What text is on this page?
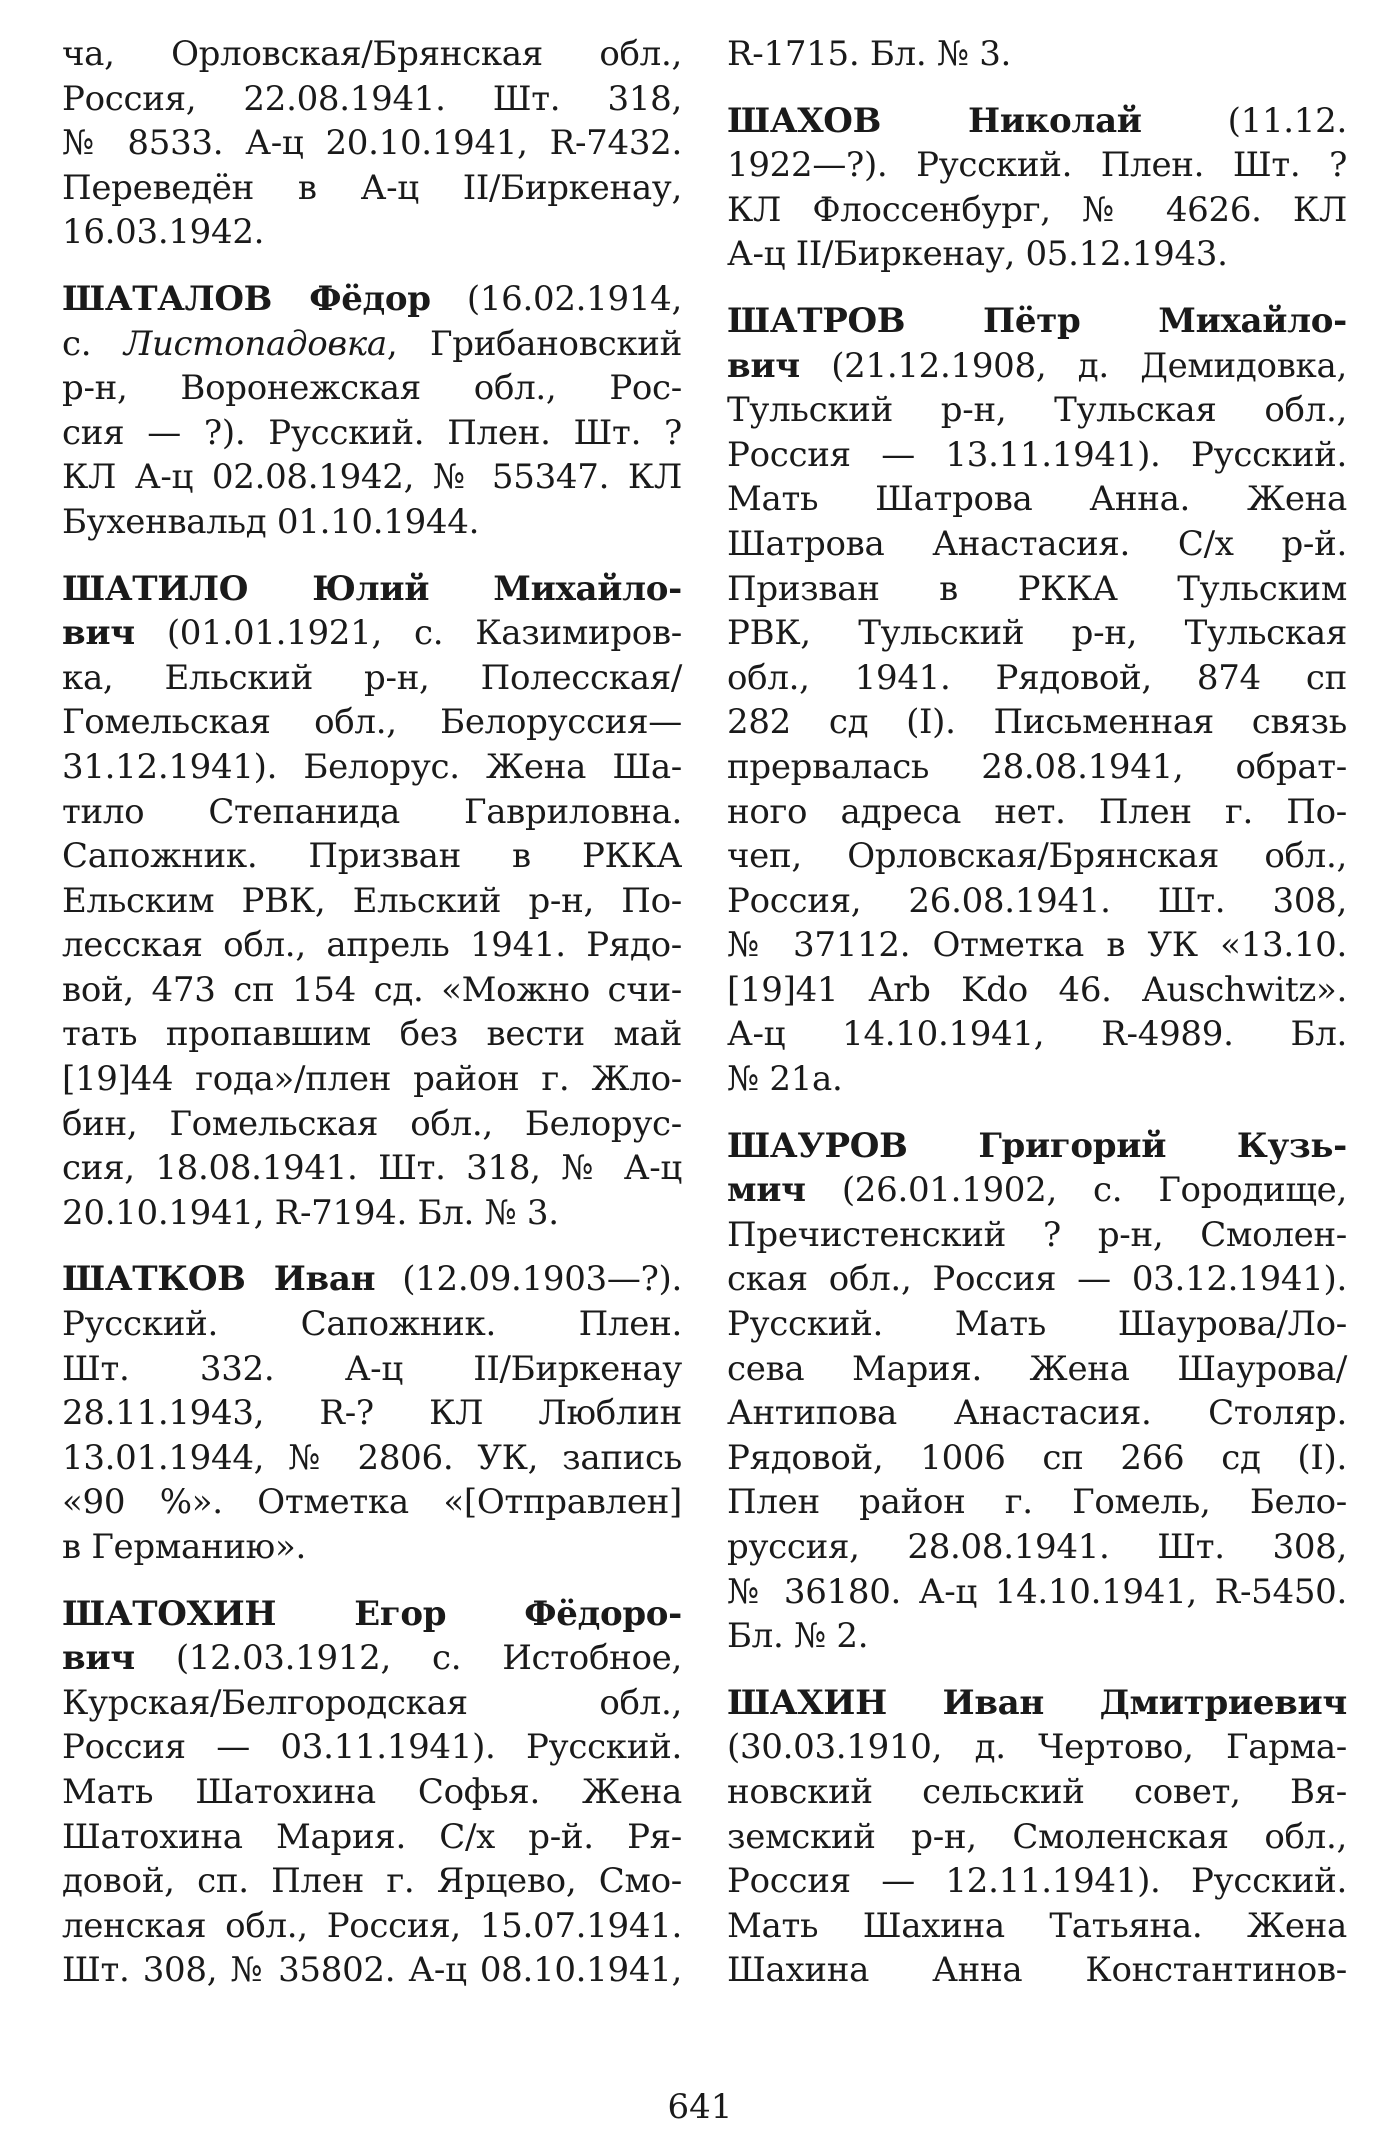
ча, Орловская/Брянская обл.,
Россия, 22.08.1941. Шт. 318,
№ 8533. А-ц 20.10.1941, R-7432.
Переведён в А-ц II/Биркенау,
16.03.1942.
ШАТАЛОВ Фёдор (16.02.1914,
с. Листопадовка, Грибановский
р-н, Воронежская обл., Рос-
сия — ?). Русский. Плен. Шт. ?
КЛ А-ц 02.08.1942, № 55347. КЛ
Бухенвальд 01.10.1944.
ШАТИЛО Юлий Михайло-
вич (01.01.1921, с. Казимиров-
ка, Ельский р-н, Полесская/
Гомельская обл., Белоруссия—
31.12.1941). Белорус. Жена Ша-
тило Степанида Гавриловна.
Сапожник. Призван в РККА
Ельским РВК, Ельский р-н, По-
лесская обл., апрель 1941. Рядо-
вой, 473 сп 154 сд. «Можно счи-
тать пропавшим без вести май
[19]44 года»/плен район г. Жло-
бин, Гомельская обл., Белорус-
сия, 18.08.1941. Шт. 318, № А-ц
20.10.1941, R-7194. Бл. № 3.
ШАТКОВ Иван (12.09.1903—?).
Русский. Сапожник. Плен.
Шт. 332. А-ц II/Биркенау
28.11.1943, R-? КЛ Люблин
13.01.1944, № 2806. УК, запись
«90 %». Отметка «[Отправлен]
в Германию».
ШАТОХИН Егор Фёдоро-
вич (12.03.1912, с. Истобное,
Курская/Белгородская обл.,
Россия — 03.11.1941). Русский.
Мать Шатохина Софья. Жена
Шатохина Мария. С/х р-й. Ря-
довой, сп. Плен г. Ярцево, Смо-
ленская обл., Россия, 15.07.1941.
Шт. 308, № 35802. А-ц 08.10.1941,
R-1715. Бл. № 3.
ШАХОВ Николай (11.12.
1922—?). Русский. Плен. Шт. ?
КЛ Флоссенбург, № 4626. КЛ
А-ц II/Биркенау, 05.12.1943.
ШАТРОВ Пётр Михайло-
вич (21.12.1908, д. Демидовка,
Тульский р-н, Тульская обл.,
Россия — 13.11.1941). Русский.
Мать Шатрова Анна. Жена
Шатрова Анастасия. С/х р-й.
Призван в РККА Тульским
РВК, Тульский р-н, Тульская
обл., 1941. Рядовой, 874 сп
282 сд (I). Письменная связь
прервалась 28.08.1941, обрат-
ного адреса нет. Плен г. По-
чеп, Орловская/Брянская обл.,
Россия, 26.08.1941. Шт. 308,
№ 37112. Отметка в УК «13.10.
[19]41 Arb Kdo 46. Auschwitz».
А-ц 14.10.1941, R-4989. Бл.
№ 21а.
ШАУРОВ Григорий Кузь-
мич (26.01.1902, с. Городище,
Пречистенский ? р-н, Смолен-
ская обл., Россия — 03.12.1941).
Русский. Мать Шаурова/Ло-
сева Мария. Жена Шаурова/
Антипова Анастасия. Столяр.
Рядовой, 1006 сп 266 сд (I).
Плен район г. Гомель, Бело-
руссия, 28.08.1941. Шт. 308,
№ 36180. А-ц 14.10.1941, R-5450.
Бл. № 2.
ШАХИН Иван Дмитриевич
(30.03.1910, д. Чертово, Гарма-
новский сельский совет, Вя-
земский р-н, Смоленская обл.,
Россия — 12.11.1941). Русский.
Мать Шахина Татьяна. Жена
Шахина Анна Константинов-
641
